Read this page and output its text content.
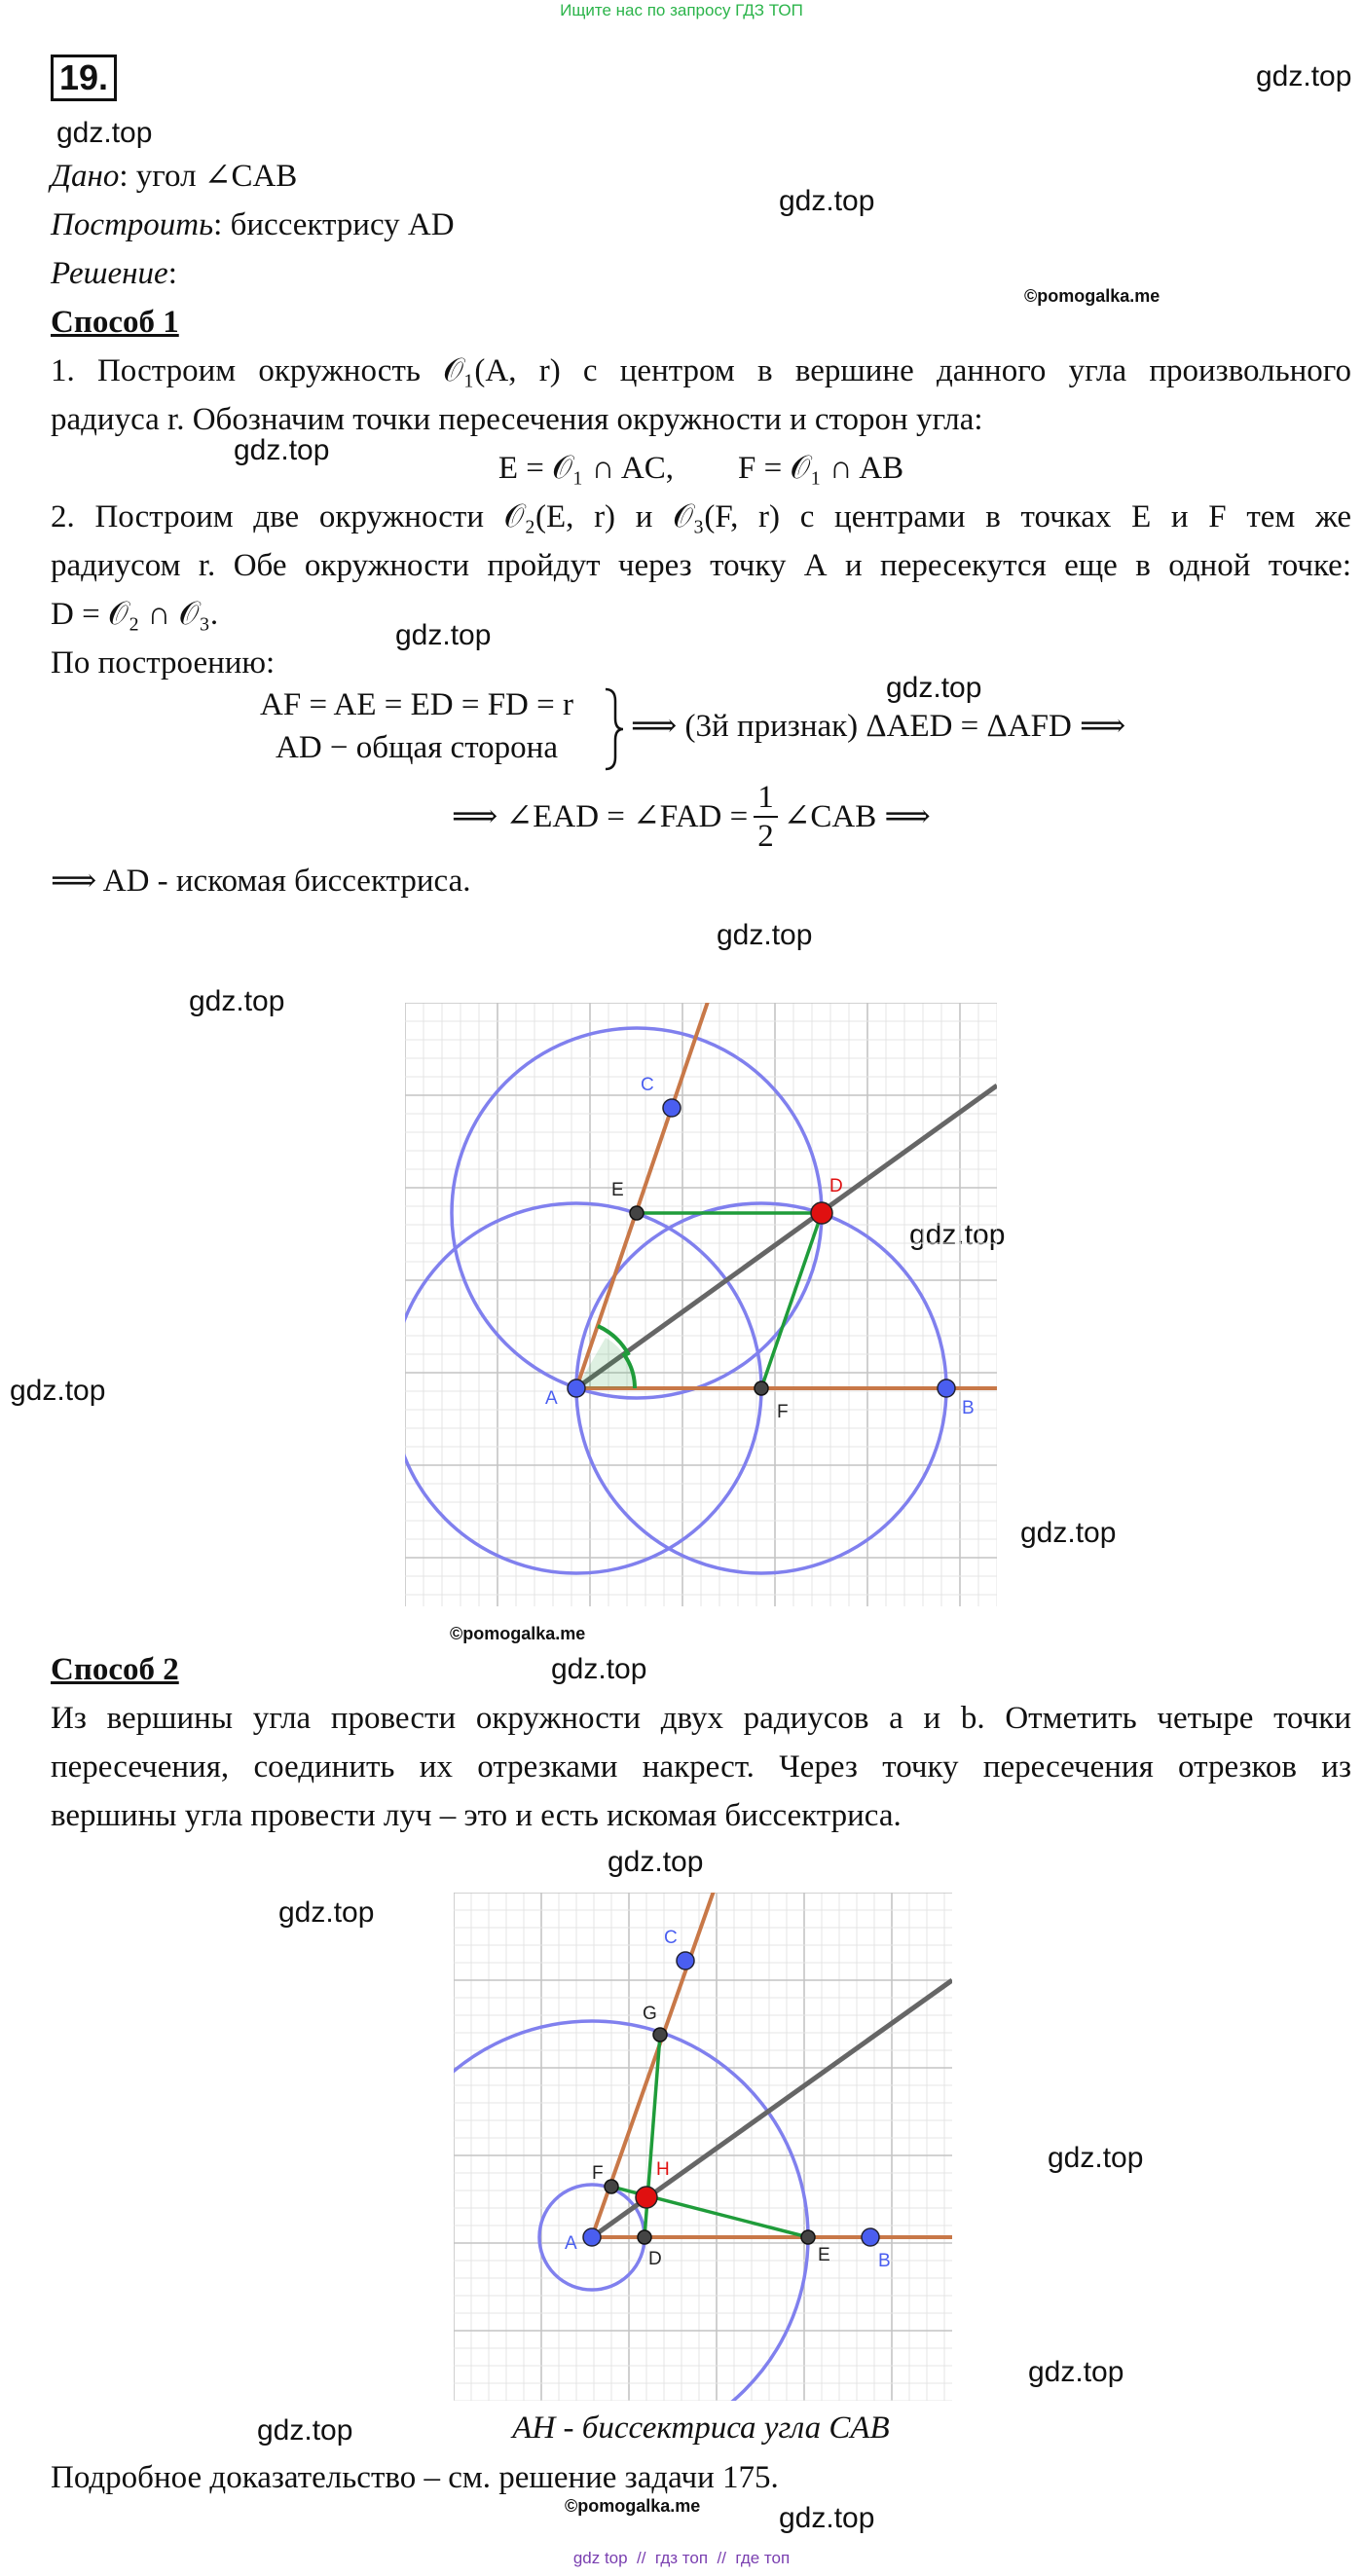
Ищите нас по запросу ГДЗ ТОП
19.	gdz.top
gdz.top
gdz.top
©pomogalka.me
gdz.top
gdz.top
gdz.top
gdz.top
gdz.top
gdz.top
gdz.top
gdz.top
©pomogalka.me
gdz.top
gdz.top
gdz.top
gdz.top
gdz.top
gdz.top
©pomogalka.me	gdz.top
Дано: угол ∠CAB
Построить: биссектрису AD
Решение:
Способ 1
1. Построим окружность 𝒪₁(A, r) с центром в вершине данного угла произвольного
радиуса r. Обозначим точки пересечения окружности и сторон угла:
E = 𝒪₁ ∩ AC,        F = 𝒪₁ ∩ AB
2. Построим две окружности 𝒪₂(E, r) и 𝒪₃(F, r) с центрами в точках E и F тем же
радиусом r. Обе окружности пройдут через точку А и пересекутся еще в одной точке:
D = 𝒪₂ ∩ 𝒪₃.
По построению:
AF = AE = ED = FD = r
AD − общая сторона
⟹ (3й признак) ΔAED = ΔAFD ⟹
⟹ ∠EAD = ∠FAD = $\frac{1}{2}$ ∠CAB ⟹
⟹ AD - искомая биссектриса.
A	B
C
D
E
F
Способ 2
Из вершины угла провести окружности двух радиусов a и b. Отметить четыре точки
пересечения, соединить их отрезками накрест. Через точку пересечения отрезков из
вершины угла провести луч – это и есть искомая биссектриса.
A
B
C
D	E
F
G
H
AH - биссектриса угла CAB
Подробное доказательство – см. решение задачи 175.
gdz top  //  гдз топ  //  где топ
